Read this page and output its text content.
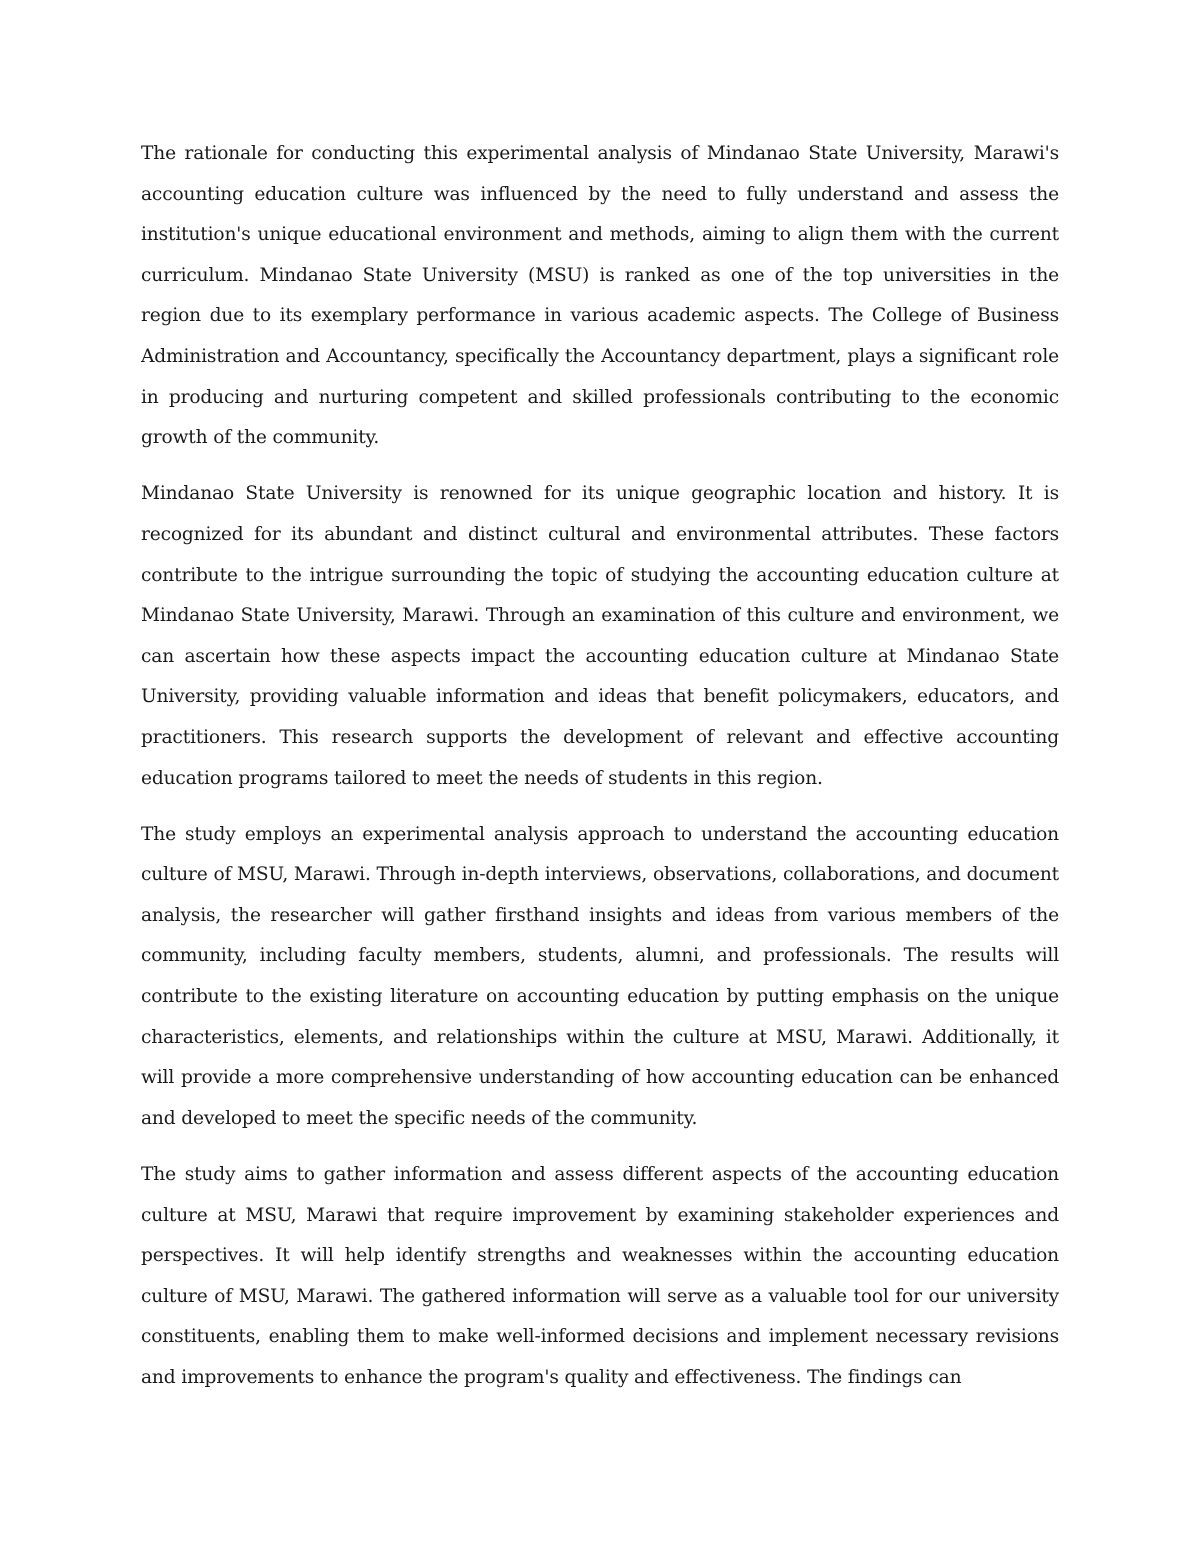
The rationale for conducting this experimental analysis of Mindanao State University, Marawi's accounting education culture was influenced by the need to fully understand and assess the institution's unique educational environment and methods, aiming to align them with the current curriculum. Mindanao State University (MSU) is ranked as one of the top universities in the region due to its exemplary performance in various academic aspects. The College of Business Administration and Accountancy, specifically the Accountancy department, plays a significant role in producing and nurturing competent and skilled professionals contributing to the economic growth of the community.

Mindanao State University is renowned for its unique geographic location and history. It is recognized for its abundant and distinct cultural and environmental attributes. These factors contribute to the intrigue surrounding the topic of studying the accounting education culture at Mindanao State University, Marawi. Through an examination of this culture and environment, we can ascertain how these aspects impact the accounting education culture at Mindanao State University, providing valuable information and ideas that benefit policymakers, educators, and practitioners. This research supports the development of relevant and effective accounting education programs tailored to meet the needs of students in this region.

The study employs an experimental analysis approach to understand the accounting education culture of MSU, Marawi. Through in-depth interviews, observations, collaborations, and document analysis, the researcher will gather firsthand insights and ideas from various members of the community, including faculty members, students, alumni, and professionals. The results will contribute to the existing literature on accounting education by putting emphasis on the unique characteristics, elements, and relationships within the culture at MSU, Marawi. Additionally, it will provide a more comprehensive understanding of how accounting education can be enhanced and developed to meet the specific needs of the community.

The study aims to gather information and assess different aspects of the accounting education culture at MSU, Marawi that require improvement by examining stakeholder experiences and perspectives. It will help identify strengths and weaknesses within the accounting education culture of MSU, Marawi. The gathered information will serve as a valuable tool for our university constituents, enabling them to make well-informed decisions and implement necessary revisions and improvements to enhance the program's quality and effectiveness. The findings can
